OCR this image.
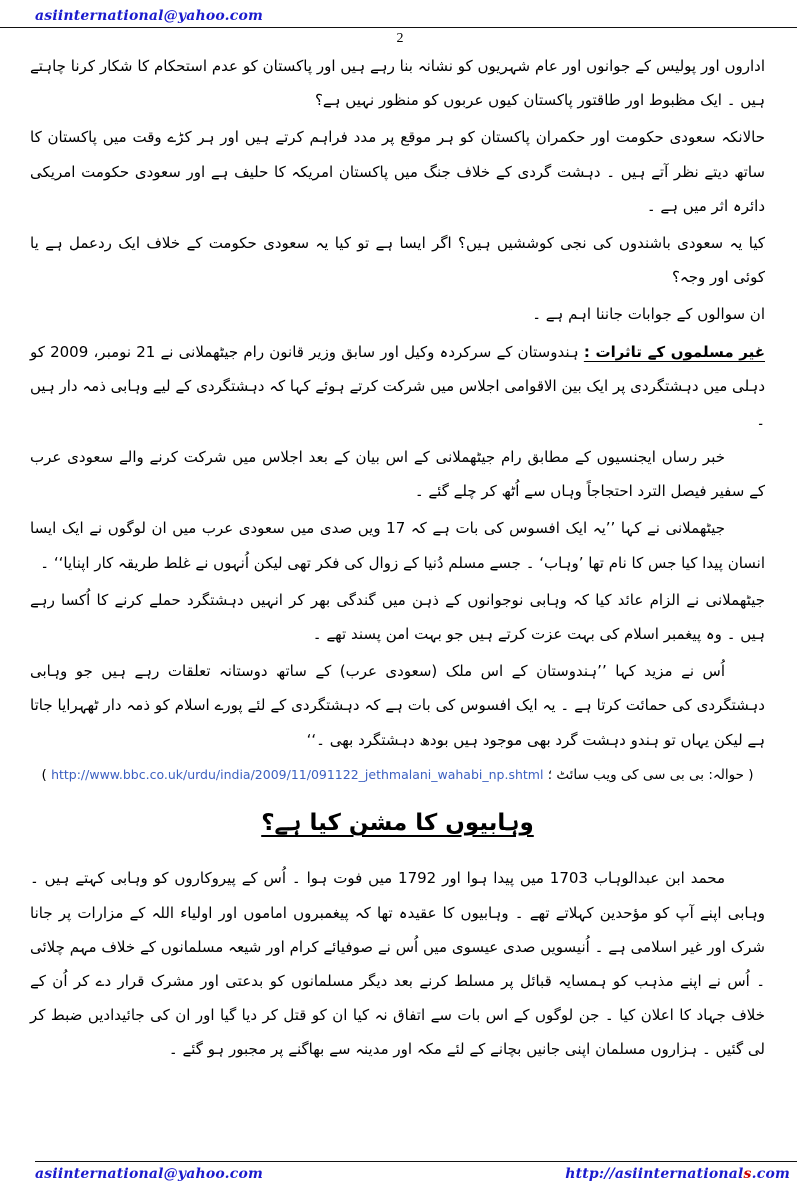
asiinternational@yahoo.com
2

اداروں اور پولیس کے جوانوں اور عام شہریوں کو نشانہ بنا رہے ہیں اور پاکستان کو عدم استحکام کا شکار کرنا چاہتے ہیں ۔ ایک مظبوط اور طاقتور پاکستان کیوں عربوں کو منظور نہیں ہے؟

حالانکہ سعودی حکومت اور حکمران پاکستان کو ہر موقع پر مدد فراہم کرتے ہیں اور ہر کڑے وقت میں پاکستان کا ساتھ دیتے نظر آتے ہیں ۔ دہشت گردی کے خلاف جنگ میں پاکستان امریکہ کا حلیف ہے اور سعودی حکومت امریکی دائرہ اثر میں ہے ۔

کیا یہ سعودی باشندوں کی نجی کوششیں ہیں؟ اگر ایسا ہے تو کیا یہ سعودی حکومت کے خلاف ایک ردعمل ہے یا کوئی اور وجہ؟

ان سوالوں کے جوابات جاننا اہم ہے ۔

غیر مسلموں کے تاثرات : ہندوستان کے سرکردہ وکیل اور سابق وزیر قانون رام جیٹھملانی نے 21 نومبر، 2009 کو دہلی میں دہشتگردی پر ایک بین الاقوامی اجلاس میں شرکت کرتے ہوئے کہا کہ دہشتگردی کے لیے وہابی ذمہ دار ہیں ۔

خبر رساں ایجنسیوں کے مطابق رام جیٹھملانی کے اس بیان کے بعد اجلاس میں شرکت کرنے والے سعودی عرب کے سفیر فیصل الترد احتجاجاً وہاں سے اُٹھ کر چلے گئے ۔

جیٹھملانی نے کہا ’’یہ ایک افسوس کی بات ہے کہ 17 ویں صدی میں سعودی عرب میں ان لوگوں نے ایک ایسا انسان پیدا کیا جس کا نام تھا ’وہاب‘ ۔ جسے مسلم دُنیا کے زوال کی فکر تھی لیکن اُنہوں نے غلط طریقہ کار اپنایا‘‘ ۔

جیٹھملانی نے الزام عائد کیا کہ وہابی نوجوانوں کے ذہن میں گندگی بھر کر انہیں دہشتگرد حملے کرنے کا اُکسا رہے ہیں ۔ وہ پیغمبر اسلام کی بہت عزت کرتے ہیں جو بہت امن پسند تھے ۔

اُس نے مزید کہا ’’ہندوستان کے اس ملک (سعودی عرب) کے ساتھ دوستانہ تعلقات رہے ہیں جو وہابی دہشتگردی کی حمائت کرتا ہے ۔ یہ ایک افسوس کی بات ہے کہ دہشتگردی کے لئے پورے اسلام کو ذمہ دار ٹھہرایا جاتا ہے لیکن یہاں تو ہندو دہشت گرد بھی موجود ہیں بودھ دہشتگرد بھی ۔‘‘

( حوالہ: بی بی سی کی ویب سائٹ ؛ http://www.bbc.co.uk/urdu/india/2009/11/091122_jethmalani_wahabi_np.shtml )
وہابیوں کا مشن کیا ہے؟

محمد ابن عبدالوہاب 1703 میں پیدا ہوا اور 1792 میں فوت ہوا ۔ اُس کے پیروکاروں کو وہابی کہتے ہیں ۔ وہابی اپنے آپ کو مؤحدین کہلاتے تھے ۔ وہابیوں کا عقیدہ تھا کہ پیغمبروں اماموں اور اولیاء اللہ کے مزارات پر جانا شرک اور غیر اسلامی ہے ۔ اُنیسویں صدی عیسوی میں اُس نے صوفیائے کرام اور شیعہ مسلمانوں کے خلاف مہم چلائی ۔ اُس نے اپنے مذہب کو ہمسایہ قبائل پر مسلط کرنے بعد دیگر مسلمانوں کو بدعتی اور مشرک قرار دے کر اُن کے خلاف جہاد کا اعلان کیا ۔ جن لوگوں کے اس بات سے اتفاق نہ کیا ان کو قتل کر دیا گیا اور ان کی جائیدادیں ضبط کر لی گئیں ۔ ہزاروں مسلمان اپنی جانیں بچانے کے لئے مکہ اور مدینہ سے بھاگنے پر مجبور ہو گئے ۔

asiinternational@yahoo.com	http://asiinternationals.com
